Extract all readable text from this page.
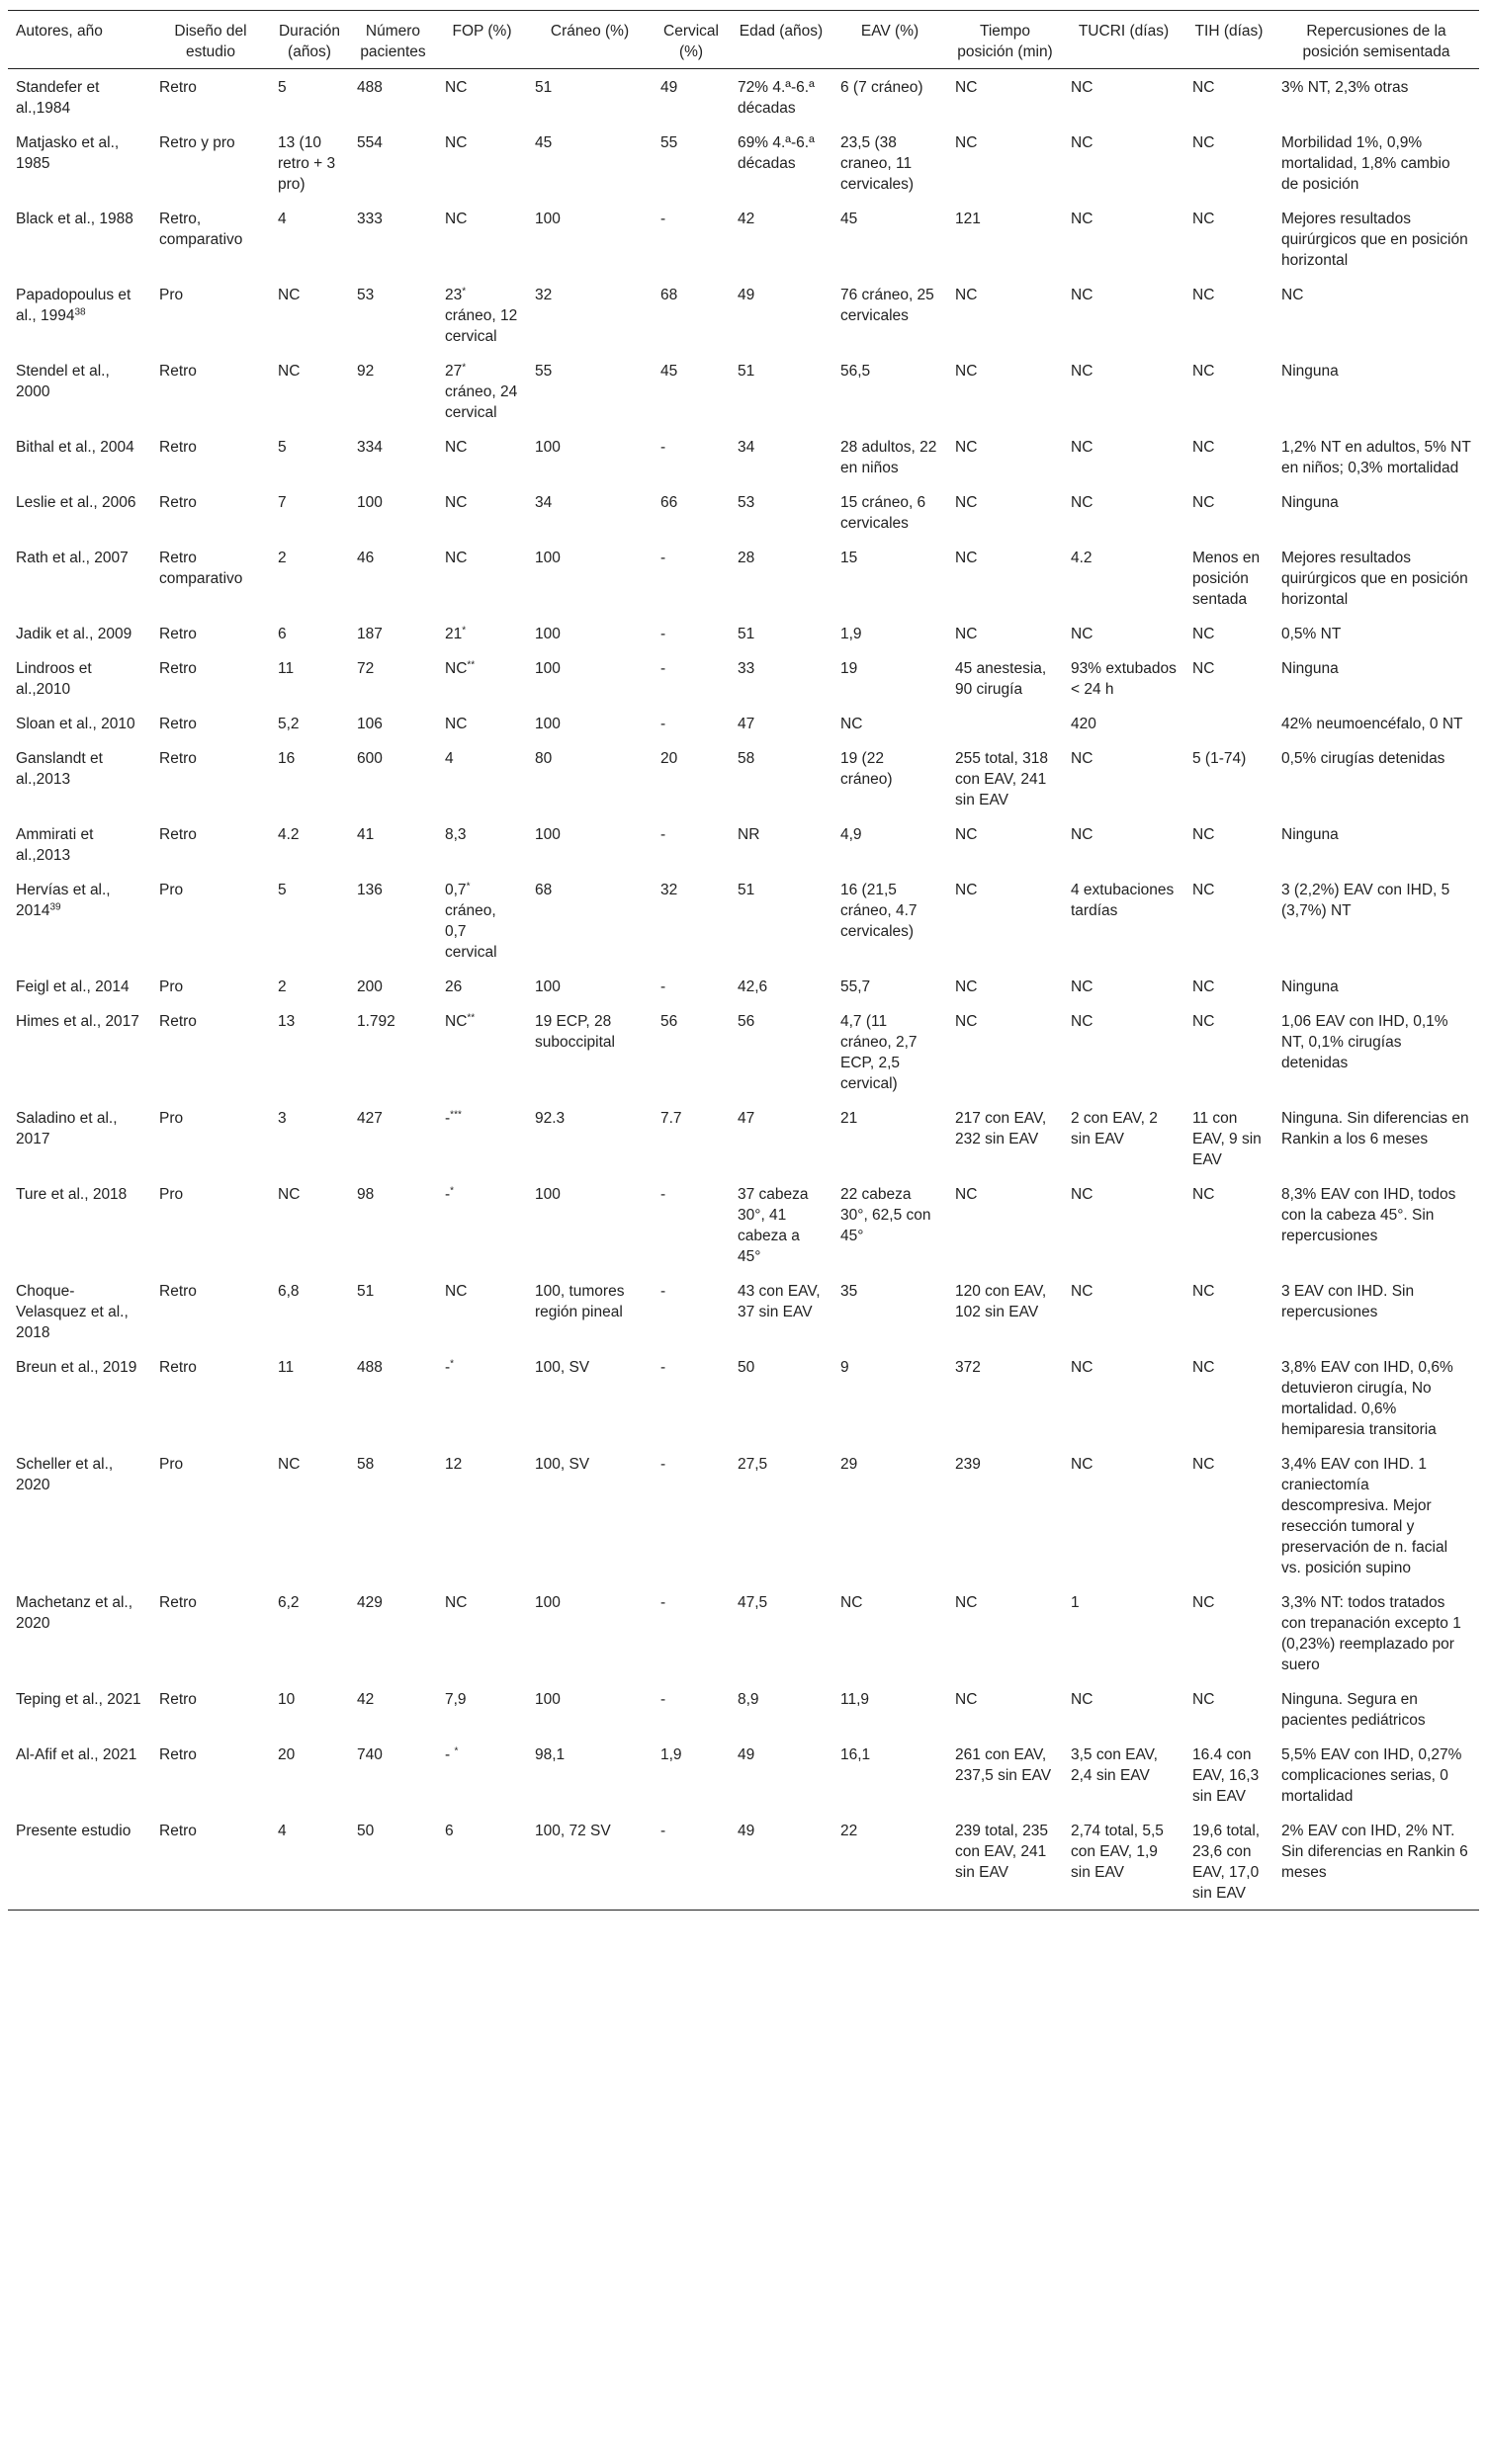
Autores, año	Diseño del estudio	Duración (años)	Número pacientes	FOP (%)	Cráneo (%)	Cervical (%)	Edad (años)	EAV (%)	Tiempo posición (min)	TUCRI (días)	TIH (días)	Repercusiones de la posición semisentada
Standefer et al.,1984	Retro	5	488	NC	51	49	72% 4.ª-6.ª décadas	6 (7 cráneo)	NC	NC	NC	3% NT, 2,3% otras
Matjasko et al., 1985	Retro y pro	13 (10 retro + 3 pro)	554	NC	45	55	69% 4.ª-6.ª décadas	23,5 (38 craneo, 11 cervicales)	NC	NC	NC	Morbilidad 1%, 0,9% mortalidad, 1,8% cambio de posición
Black et al., 1988	Retro, comparativo	4	333	NC	100	-	42	45	121	NC	NC	Mejores resultados quirúrgicos que en posición horizontal
Papadopoulus et al., 1994$^{38}$	Pro	NC	53	23* cráneo, 12 cervical	32	68	49	76 cráneo, 25 cervicales	NC	NC	NC	NC
Stendel et al., 2000	Retro	NC	92	27* cráneo, 24 cervical	55	45	51	56,5	NC	NC	NC	Ninguna
Bithal et al., 2004	Retro	5	334	NC	100	-	34	28 adultos, 22 en niños	NC	NC	NC	1,2% NT en adultos, 5% NT en niños; 0,3% mortalidad
Leslie et al., 2006	Retro	7	100	NC	34	66	53	15 cráneo, 6 cervicales	NC	NC	NC	Ninguna
Rath et al., 2007	Retro comparativo	2	46	NC	100	-	28	15	NC	4.2	Menos en posición sentada	Mejores resultados quirúrgicos que en posición horizontal
Jadik et al., 2009	Retro	6	187	21*	100	-	51	1,9	NC	NC	NC	0,5% NT
Lindroos et al.,2010	Retro	11	72	NC**	100	-	33	19	45 anestesia, 90 cirugía	93% extubados < 24 h	NC	Ninguna
Sloan et al., 2010	Retro	5,2	106	NC	100	-	47	NC		420		42% neumoencéfalo, 0 NT
Ganslandt et al.,2013	Retro	16	600	4	80	20	58	19 (22 cráneo)	255 total, 318 con EAV, 241 sin EAV	NC	5 (1-74)	0,5% cirugías detenidas
Ammirati et al.,2013	Retro	4.2	41	8,3	100	-	NR	4,9	NC	NC	NC	Ninguna
Hervías et al., 2014$^{39}$	Pro	5	136	0,7* cráneo, 0,7 cervical	68	32	51	16 (21,5 cráneo, 4.7 cervicales)	NC	4 extubaciones tardías	NC	3 (2,2%) EAV con IHD, 5 (3,7%) NT
Feigl et al., 2014	Pro	2	200	26	100	-	42,6	55,7	NC	NC	NC	Ninguna
Himes et al., 2017	Retro	13	1.792	NC**	19 ECP, 28 suboccipital	56	56	4,7 (11 cráneo, 2,7 ECP, 2,5 cervical)	NC	NC	NC	1,06 EAV con IHD, 0,1% NT, 0,1% cirugías detenidas
Saladino et al., 2017	Pro	3	427	-***	92.3	7.7	47	21	217 con EAV, 232 sin EAV	2 con EAV, 2 sin EAV	11 con EAV, 9 sin EAV	Ninguna. Sin diferencias en Rankin a los 6 meses
Ture et al., 2018	Pro	NC	98	-*	100	-	37 cabeza 30°, 41 cabeza a 45°	22 cabeza 30°, 62,5 con 45°	NC	NC	NC	8,3% EAV con IHD, todos con la cabeza 45°. Sin repercusiones
Choque-Velasquez et al., 2018	Retro	6,8	51	NC	100, tumores región pineal	-	43 con EAV, 37 sin EAV	35	120 con EAV, 102 sin EAV	NC	NC	3 EAV con IHD. Sin repercusiones
Breun et al., 2019	Retro	11	488	-*	100, SV	-	50	9	372	NC	NC	3,8% EAV con IHD, 0,6% detuvieron cirugía, No mortalidad. 0,6% hemiparesia transitoria
Scheller et al., 2020	Pro	NC	58	12	100, SV	-	27,5	29	239	NC	NC	3,4% EAV con IHD. 1 craniectomía descompresiva. Mejor resección tumoral y preservación de n. facial vs. posición supino
Machetanz et al., 2020	Retro	6,2	429	NC	100	-	47,5	NC	NC	1	NC	3,3% NT: todos tratados con trepanación excepto 1 (0,23%) reemplazado por suero
Teping et al., 2021	Retro	10	42	7,9	100	-	8,9	11,9	NC	NC	NC	Ninguna. Segura en pacientes pediátricos
Al-Afif et al., 2021	Retro	20	740	- *	98,1	1,9	49	16,1	261 con EAV, 237,5 sin EAV	3,5 con EAV, 2,4 sin EAV	16.4 con EAV, 16,3 sin EAV	5,5% EAV con IHD, 0,27% complicaciones serias, 0 mortalidad
Presente estudio	Retro	4	50	6	100, 72 SV	-	49	22	239 total, 235 con EAV, 241 sin EAV	2,74 total, 5,5 con EAV, 1,9 sin EAV	19,6 total, 23,6 con EAV, 17,0 sin EAV	2% EAV con IHD, 2% NT. Sin diferencias en Rankin 6 meses
